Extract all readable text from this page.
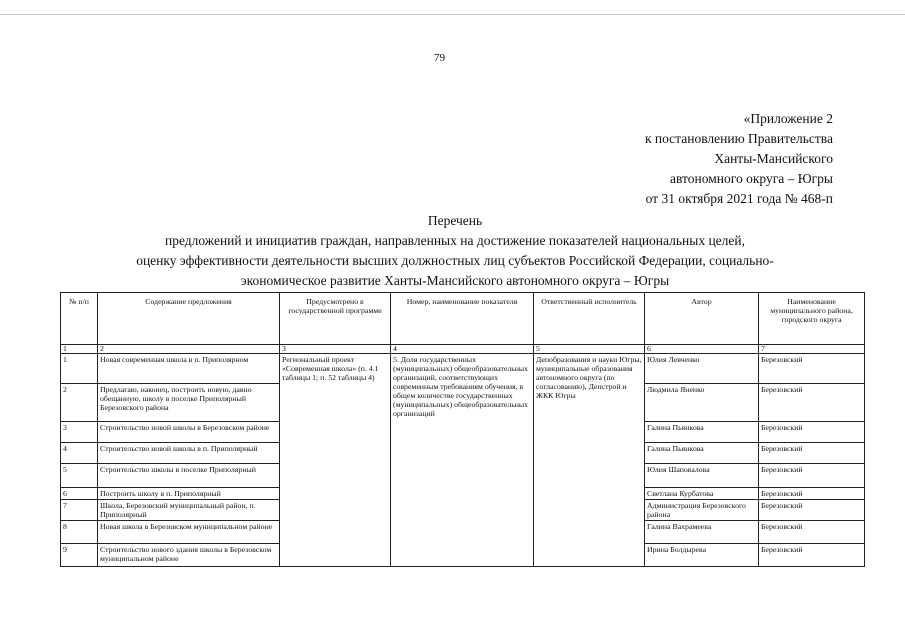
79
«Приложение 2
к постановлению Правительства
Ханты-Мансийского
автономного округа – Югры
от 31 октября 2021 года № 468-п
Перечень
предложений и инициатив граждан, направленных на достижение показателей национальных целей,
оценку эффективности деятельности высших должностных лиц субъектов Российской Федерации, социально-
экономическое развитие Ханты-Мансийского автономного округа – Югры
№ п/п	Содержание предложения	Предусмотрено в государственной программе	Номер, наименование показателя	Ответственный исполнитель	Автор	Наименование муниципального района, городского округа
1	2	3	4	5	6	7
1	Новая современная школа в п. Приполярном	Региональный проект «Современная школа» (п. 4.1 таблицы 1; п. 52 таблицы 4)	5. Доля государственных (муниципальных) общеобразовательных организаций, соответствующих современным требованиям обучения, в общем количестве государственных (муниципальных) общеобразовательных организаций	Депобразования и науки Югры, муниципальные образования автономного округа (по согласованию), Депстрой и ЖКК Югры	Юлия Левченко	Березовский
2	Предлагаю, наконец, построить новую, давно обещанную, школу в поселке Приполярный Березовского района				Людмила Яненко	Березовский
3	Строительство новой школы в Березовском районе				Галина Пьянкова	Березовский
4	Строительство новой школы в п. Приполярный				Галина Пьянкова	Березовский
5	Строительство школы в поселке Приполярный				Юлия Шаповалова	Березовский
6	Построить школу в п. Приполярный				Светлана Курбатова	Березовский
7	Школа, Березовский муниципальный район, п. Приполярный				Администрация Березовского района	Березовский
8	Новая школа в Березовском муниципальном районе				Галина Вахрамеева	Березовский
9	Строительство нового здания школы в Березовском муниципальном районе				Ирина Болдырева	Березовский
